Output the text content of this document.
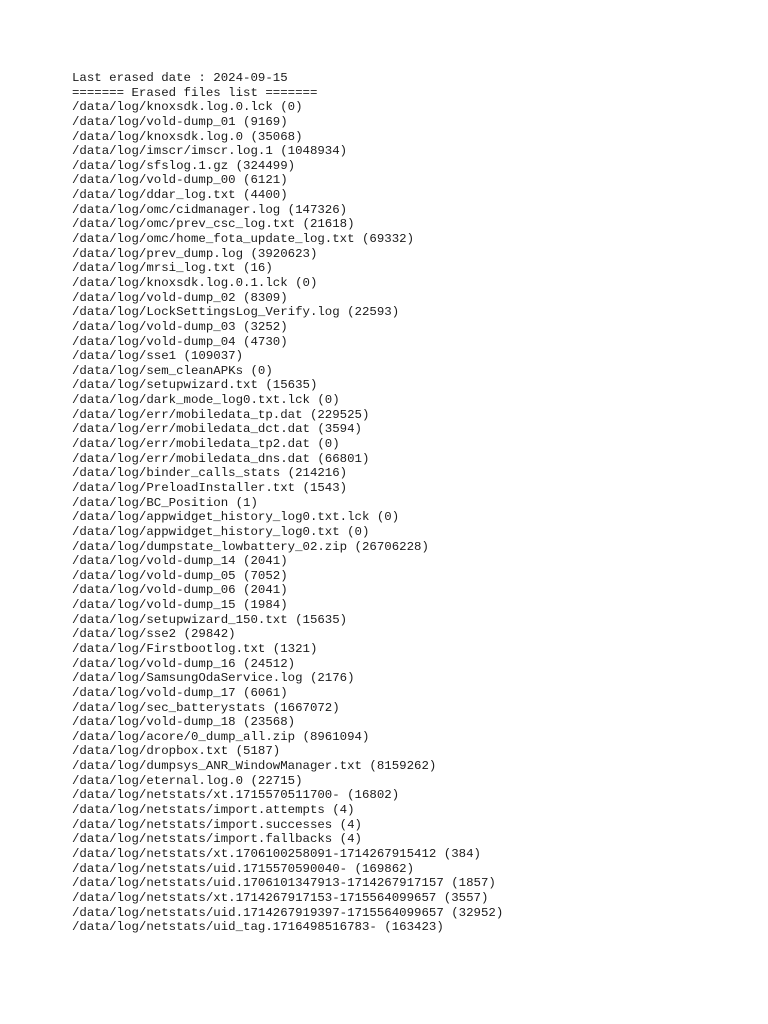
Last erased date : 2024-09-15
======= Erased files list =======
/data/log/knoxsdk.log.0.lck (0)
/data/log/vold-dump_01 (9169)
/data/log/knoxsdk.log.0 (35068)
/data/log/imscr/imscr.log.1 (1048934)
/data/log/sfslog.1.gz (324499)
/data/log/vold-dump_00 (6121)
/data/log/ddar_log.txt (4400)
/data/log/omc/cidmanager.log (147326)
/data/log/omc/prev_csc_log.txt (21618)
/data/log/omc/home_fota_update_log.txt (69332)
/data/log/prev_dump.log (3920623)
/data/log/mrsi_log.txt (16)
/data/log/knoxsdk.log.0.1.lck (0)
/data/log/vold-dump_02 (8309)
/data/log/LockSettingsLog_Verify.log (22593)
/data/log/vold-dump_03 (3252)
/data/log/vold-dump_04 (4730)
/data/log/sse1 (109037)
/data/log/sem_cleanAPKs (0)
/data/log/setupwizard.txt (15635)
/data/log/dark_mode_log0.txt.lck (0)
/data/log/err/mobiledata_tp.dat (229525)
/data/log/err/mobiledata_dct.dat (3594)
/data/log/err/mobiledata_tp2.dat (0)
/data/log/err/mobiledata_dns.dat (66801)
/data/log/binder_calls_stats (214216)
/data/log/PreloadInstaller.txt (1543)
/data/log/BC_Position (1)
/data/log/appwidget_history_log0.txt.lck (0)
/data/log/appwidget_history_log0.txt (0)
/data/log/dumpstate_lowbattery_02.zip (26706228)
/data/log/vold-dump_14 (2041)
/data/log/vold-dump_05 (7052)
/data/log/vold-dump_06 (2041)
/data/log/vold-dump_15 (1984)
/data/log/setupwizard_150.txt (15635)
/data/log/sse2 (29842)
/data/log/Firstbootlog.txt (1321)
/data/log/vold-dump_16 (24512)
/data/log/SamsungOdaService.log (2176)
/data/log/vold-dump_17 (6061)
/data/log/sec_batterystats (1667072)
/data/log/vold-dump_18 (23568)
/data/log/acore/0_dump_all.zip (8961094)
/data/log/dropbox.txt (5187)
/data/log/dumpsys_ANR_WindowManager.txt (8159262)
/data/log/eternal.log.0 (22715)
/data/log/netstats/xt.1715570511700- (16802)
/data/log/netstats/import.attempts (4)
/data/log/netstats/import.successes (4)
/data/log/netstats/import.fallbacks (4)
/data/log/netstats/xt.1706100258091-1714267915412 (384)
/data/log/netstats/uid.1715570590040- (169862)
/data/log/netstats/uid.1706101347913-1714267917157 (1857)
/data/log/netstats/xt.1714267917153-1715564099657 (3557)
/data/log/netstats/uid.1714267919397-1715564099657 (32952)
/data/log/netstats/uid_tag.1716498516783- (163423)
